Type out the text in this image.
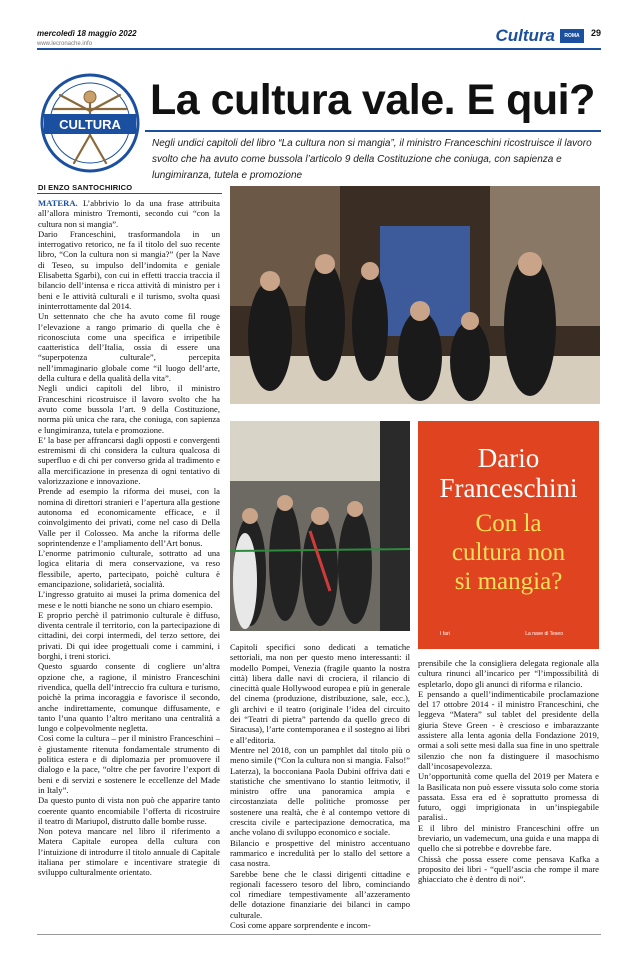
mercoledì 18 maggio 2022
www.lecronache.info	Cultura	ROMA	29
CULTURA
La cultura vale. E qui?
Negli undici capitoli del libro “La cultura non si mangia”, il ministro Franceschini ricostruisce il lavoro svolto che ha avuto come bussola l’articolo 9 della Costituzione che coniuga, con sapienza e lungimiranza, tutela e promozione
DI ENZO SANTOCHIRICO

MATERA. L’abbrivio lo da una frase attribuita all’allora ministro Tremonti, secondo cui “con la cultura non si mangia”.

Dario Franceschini, trasformandola in un interrogativo retorico, ne fa il titolo del suo recente libro, “Con la cultura non si mangia?” (per la Nave di Teseo, su impulso dell’indomita e geniale Elisabetta Sgarbi), con cui in effetti traccia traccia il bilancio dell’intensa e ricca attività di ministro per i beni e le attività culturali e il turismo, svolta quasi ininterrottamente dal 2014.

Un settennato che che ha avuto come fil rouge l’elevazione a rango primario di quella che è riconosciuta come una specifica e irripetibile caatteristica dell’Italia, ossia di essere una “superpotenza culturale”, percepita nell’immaginario globale come “il luogo dell’arte, della cultura e della qualità della vita”.

Negli undici capitoli del libro, il ministro Franceschini ricostruisce il lavoro svolto che ha avuto come bussola l’art. 9 della Costituzione, norma più unica che rara, che coniuga, con sapienza e lungimiranza, tutela e promozione.

E’ la base per affrancarsi dagli opposti e convergenti estremismi di chi considera la cultura qualcosa di superfluo e di chi per converso grida al tradimento e alla mercificazione in presenza di ogni tentativo di valorizzazione e innovazione.

Prende ad esempio la riforma dei musei, con la nomina di direttori stranieri e l’apertura alla gestione autonoma ed economicamente efficace, e il coinvolgimento dei privati, come nel caso di Della Valle per il Colosseo. Ma anche la riforma delle soprintendenze e l’ampliamento dell’Art bonus.

L’enorme patrimonio culturale, sottratto ad una logica elitaria di mera conservazione, va reso flessibile, aperto, partecipato, poichè cultura è emancipazione, solidarietà, socialità.

L’ingresso gratuito ai musei la prima domenica del mese e le notti bianche ne sono un chiaro esempio.

E proprio perchè il patrimonio culturale è diffuso, diventa centrale il territorio, con la partecipazione di cittadini, dei corpi intermedi, del terzo settore, dei privati. Di qui idee progettuali come i cammini, i borghi, i treni storici.

Questo sguardo consente di cogliere un’altra opzione che, a ragione, il ministro Franceschini rivendica, quella dell’intreccio fra cultura e turismo, poichè la prima incoraggia e favorisce il secondo, anche indirettamente, comunque diffusamente, e tanto l’una quanto l’altro meritano una centralità a lungo e colpevolmente negletta.

Così come la cultura – per il ministro Franceschini – è giustamente ritenuta fondamentale strumento di politica estera e di diplomazia per promuovere il dialogo e la pace, “oltre che per favorire l’export di beni e di servizi e sostenere le eccellenze del Made in Italy”.

Da questo punto di vista non può che apparire tanto coerente quanto encomiabile l’offerta di ricostruire il teatro di Mariupol, distrutto dalle bombe russe.

Non poteva mancare nel libro il riferimento a Matera Capitale europea della cultura con l’intuizione di introdurre il titolo annuale di Capitale italiana per stimolare e incentivare strategie di sviluppo culturalmente orientato.

Dario
Franceschini
Con la
cultura non
si mangia?
I fari	La nave di Teseo

Capitoli specifici sono dedicati a tematiche settoriali, ma non per questo meno interessanti: il modello Pompei, Venezia (fragile quanto la nostra città) libera dalle navi di crociera, il rilancio di cinecittà quale Hollywood europea e più in generale del cinema (produzione, distribuzione, sale, ecc.), gli archivi e il teatro (originale l’idea del circuito dei “Teatri di pietra” partendo da quello greco di Siracusa), l’arte contemporanea e il sostegno ai libri e all’editoria.

Mentre nel 2018, con un pamphlet dal titolo più o meno simile (“Con la cultura non si mangia. Falso!” Laterza), la bocconiana Paola Dubini offriva dati e statistiche che smentivano lo stantio leitmotiv, il ministro offre una panoramica ampia e circostanziata delle politiche promosse per sostenere una realtà, che è al contempo vettore di crescita civile e partecipazione democratica, ma anche volano di sviluppo economico e sociale.

Bilancio e prospettive del ministro accentuano rammarico e incredulità per lo stallo del settore a casa nostra.

Sarebbe bene che le classi dirigenti cittadine e regionali facessero tesoro del libro, cominciando col rimediare tempestivamente all’azzeramento delle dotazione finanziarie dei bilanci in campo culturale.

Così come appare sorprendente e incom-

prensibile che la consigliera delegata regionale alla cultura rinunci all’incarico per “l’impossibilità di espletarlo, dopo gli anunci di riforma e rilancio.

E pensando a quell’indimenticabile proclamazione del 17 ottobre 2014 - il ministro Franceschini, che leggeva “Matera” sul tablet del presidente della giuria Steve Green - è crescioso e imbarazzante assistere alla lenta agonia della Fondazione 2019, ormai a soli sette mesi dalla sua fine in uno spettrale silenzio che non fa distinguere il masochismo dall’incosapevolezza.

Un’opportunità come quella del 2019 per Matera e la Basilicata non può essere vissuta solo come storia passata. Essa era ed è soprattutto promessa di futuro, oggi imprigionata in un’inspiegabile paralisi..

E il libro del ministro Franceschini offre un breviario, un vademecum, una guida e una mappa di quello che si potrebbe e dovrebbe fare.

Chissà che possa essere come pensava Kafka a proposito dei libri - “quell’ascia che rompe il mare ghiacciato che è dentro di noi”.
